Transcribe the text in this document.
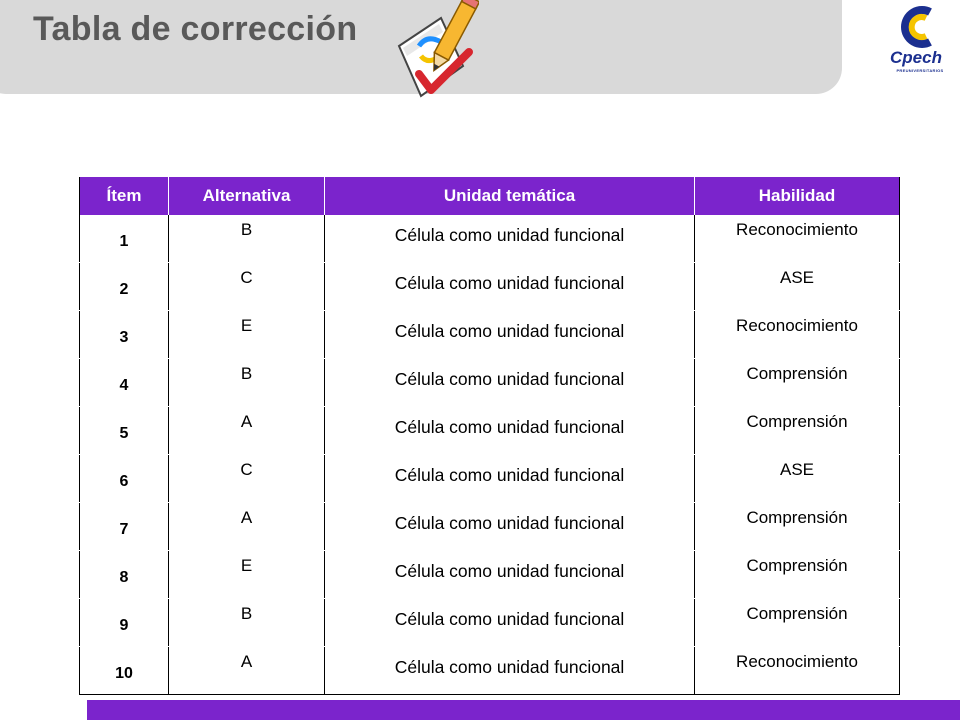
Tabla de corrección
Cpech
PREUNIVERSITARIOS
Ítem	Alternativa	Unidad temática	Habilidad
1	B	Célula como unidad funcional	Reconocimiento
2	C	Célula como unidad funcional	ASE
3	E	Célula como unidad funcional	Reconocimiento
4	B	Célula como unidad funcional	Comprensión
5	A	Célula como unidad funcional	Comprensión
6	C	Célula como unidad funcional	ASE
7	A	Célula como unidad funcional	Comprensión
8	E	Célula como unidad funcional	Comprensión
9	B	Célula como unidad funcional	Comprensión
10	A	Célula como unidad funcional	Reconocimiento
